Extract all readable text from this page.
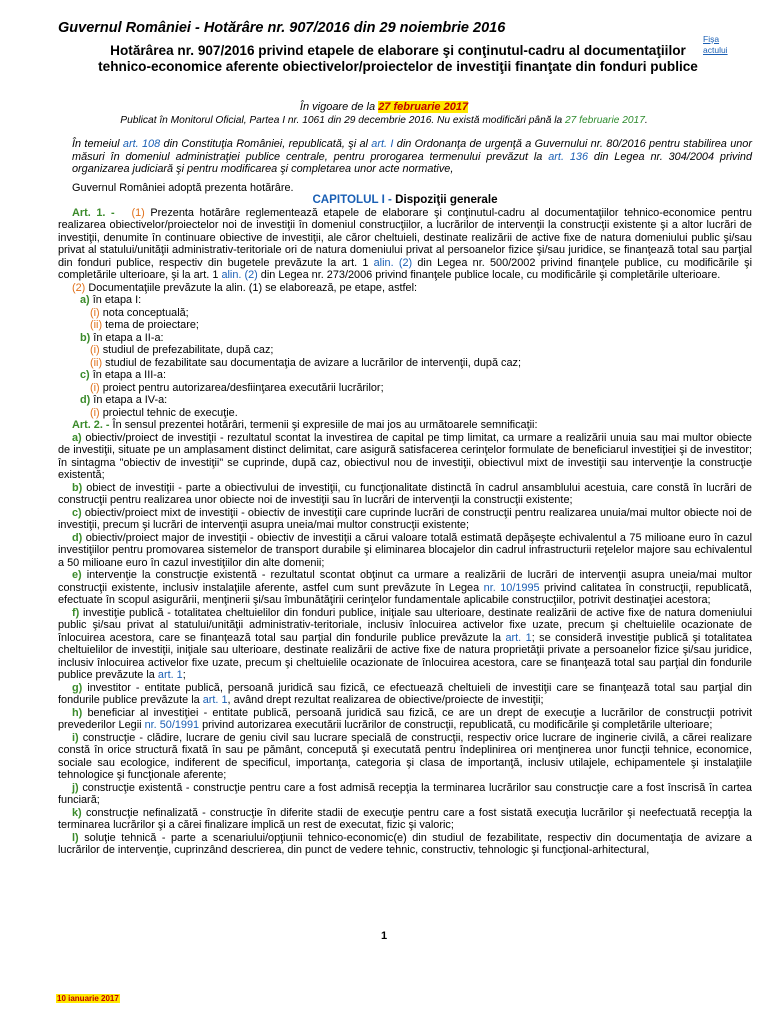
Guvernul României - Hotărâre nr. 907/2016 din 29 noiembrie 2016
Fişa
actului
Hotărârea nr. 907/2016 privind etapele de elaborare şi conţinutul-cadru al documentaţiilor tehnico-economice aferente obiectivelor/proiectelor de investiţii finanţate din fonduri publice
În vigoare de la 27 februarie 2017
Publicat în Monitorul Oficial, Partea I nr. 1061 din 29 decembrie 2016. Nu există modificări până la 27 februarie 2017.

În temeiul art. 108 din Constituţia României, republicată, şi al art. I din Ordonanţa de urgenţă a Guvernului nr. 80/2016 pentru stabilirea unor măsuri în domeniul administraţiei publice centrale, pentru prorogarea termenului prevăzut la art. 136 din Legea nr. 304/2004 privind organizarea judiciară şi pentru modificarea şi completarea unor acte normative,

Guvernul României adoptă prezenta hotărâre.

CAPITOLUL I - Dispoziţii generale

Art. 1. - (1) Prezenta hotărâre reglementează etapele de elaborare şi conţinutul-cadru al documentaţiilor tehnico-economice pentru realizarea obiectivelor/proiectelor noi de investiţii în domeniul construcţiilor, a lucrărilor de intervenţii la construcţii existente şi a altor lucrări de investiţii, denumite în continuare obiective de investiţii, ale căror cheltuieli, destinate realizării de active fixe de natura domeniului public şi/sau privat al statului/unităţii administrativ-teritoriale ori de natura domeniului privat al persoanelor fizice şi/sau juridice, se finanţează total sau parţial din fonduri publice, respectiv din bugetele prevăzute la art. 1 alin. (2) din Legea nr. 500/2002 privind finanţele publice, cu modificările şi completările ulterioare, şi la art. 1 alin. (2) din Legea nr. 273/2006 privind finanţele publice locale, cu modificările şi completările ulterioare.

(2) Documentaţiile prevăzute la alin. (1) se elaborează, pe etape, astfel:

a) în etapa I:

(i) nota conceptuală;

(ii) tema de proiectare;

b) în etapa a II-a:

(i) studiul de prefezabilitate, după caz;

(ii) studiul de fezabilitate sau documentaţia de avizare a lucrărilor de intervenţii, după caz;

c) în etapa a III-a:

(i) proiect pentru autorizarea/desfiinţarea executării lucrărilor;

d) în etapa a IV-a:

(i) proiectul tehnic de execuţie.

Art. 2. - În sensul prezentei hotărâri, termenii şi expresiile de mai jos au următoarele semnificaţii:

a) obiectiv/proiect de investiţii - rezultatul scontat la investirea de capital pe timp limitat, ca urmare a realizării unuia sau mai multor obiecte de investiţii, situate pe un amplasament distinct delimitat, care asigură satisfacerea cerinţelor formulate de beneficiarul investiţiei şi de investitor; în sintagma "obiectiv de investiţii" se cuprinde, după caz, obiectivul nou de investiţii, obiectivul mixt de investiţii sau intervenţie la construcţie existentă;

b) obiect de investiţii - parte a obiectivului de investiţii, cu funcţionalitate distinctă în cadrul ansamblului acestuia, care constă în lucrări de construcţii pentru realizarea unor obiecte noi de investiţii sau în lucrări de intervenţii la construcţii existente;

c) obiectiv/proiect mixt de investiţii - obiectiv de investiţii care cuprinde lucrări de construcţii pentru realizarea unuia/mai multor obiecte noi de investiţii, precum şi lucrări de intervenţii asupra uneia/mai multor construcţii existente;

d) obiectiv/proiect major de investiţii - obiectiv de investiţii a cărui valoare totală estimată depăşeşte echivalentul a 75 milioane euro în cazul investiţiilor pentru promovarea sistemelor de transport durabile şi eliminarea blocajelor din cadrul infrastructurii reţelelor majore sau echivalentul a 50 milioane euro în cazul investiţiilor din alte domenii;

e) intervenţie la construcţie existentă - rezultatul scontat obţinut ca urmare a realizării de lucrări de intervenţii asupra uneia/mai multor construcţii existente, inclusiv instalaţiile aferente, astfel cum sunt prevăzute în Legea nr. 10/1995 privind calitatea în construcţii, republicată, efectuate în scopul asigurării, menţinerii şi/sau îmbunătăţirii cerinţelor fundamentale aplicabile construcţiilor, potrivit destinaţiei acestora;

f) investiţie publică - totalitatea cheltuielilor din fonduri publice, iniţiale sau ulterioare, destinate realizării de active fixe de natura domeniului public şi/sau privat al statului/unităţii administrativ-teritoriale, inclusiv înlocuirea activelor fixe uzate, precum şi cheltuielile ocazionate de înlocuirea acestora, care se finanţează total sau parţial din fondurile publice prevăzute la art. 1; se consideră investiţie publică şi totalitatea cheltuielilor de investiţii, iniţiale sau ulterioare, destinate realizării de active fixe de natura proprietăţii private a persoanelor fizice şi/sau juridice, inclusiv înlocuirea activelor fixe uzate, precum şi cheltuielile ocazionate de înlocuirea acestora, care se finanţează total sau parţial din fondurile publice prevăzute la art. 1;

g) investitor - entitate publică, persoană juridică sau fizică, ce efectuează cheltuieli de investiţii care se finanţează total sau parţial din fondurile publice prevăzute la art. 1, având drept rezultat realizarea de obiective/proiecte de investiţii;

h) beneficiar al investiţiei - entitate publică, persoană juridică sau fizică, ce are un drept de execuţie a lucrărilor de construcţii potrivit prevederilor Legii nr. 50/1991 privind autorizarea executării lucrărilor de construcţii, republicată, cu modificările şi completările ulterioare;

i) construcţie - clădire, lucrare de geniu civil sau lucrare specială de construcţii, respectiv orice lucrare de inginerie civilă, a cărei realizare constă în orice structură fixată în sau pe pământ, concepută şi executată pentru îndeplinirea ori menţinerea unor funcţii tehnice, economice, sociale sau ecologice, indiferent de specificul, importanţa, categoria şi clasa de importanţă, inclusiv utilajele, echipamentele şi instalaţiile tehnologice şi funcţionale aferente;

j) construcţie existentă - construcţie pentru care a fost admisă recepţia la terminarea lucrărilor sau construcţie care a fost înscrisă în cartea funciară;

k) construcţie nefinalizată - construcţie în diferite stadii de execuţie pentru care a fost sistată execuţia lucrărilor şi neefectuată recepţia la terminarea lucrărilor şi a cărei finalizare implică un rest de executat, fizic şi valoric;

l) soluţie tehnică - parte a scenariului/opţiunii tehnico-economic(e) din studiul de fezabilitate, respectiv din documentaţia de avizare a lucrărilor de intervenţie, cuprinzând descrierea, din punct de vedere tehnic, constructiv, tehnologic şi funcţional-arhitectural,

1
10 ianuarie 2017
